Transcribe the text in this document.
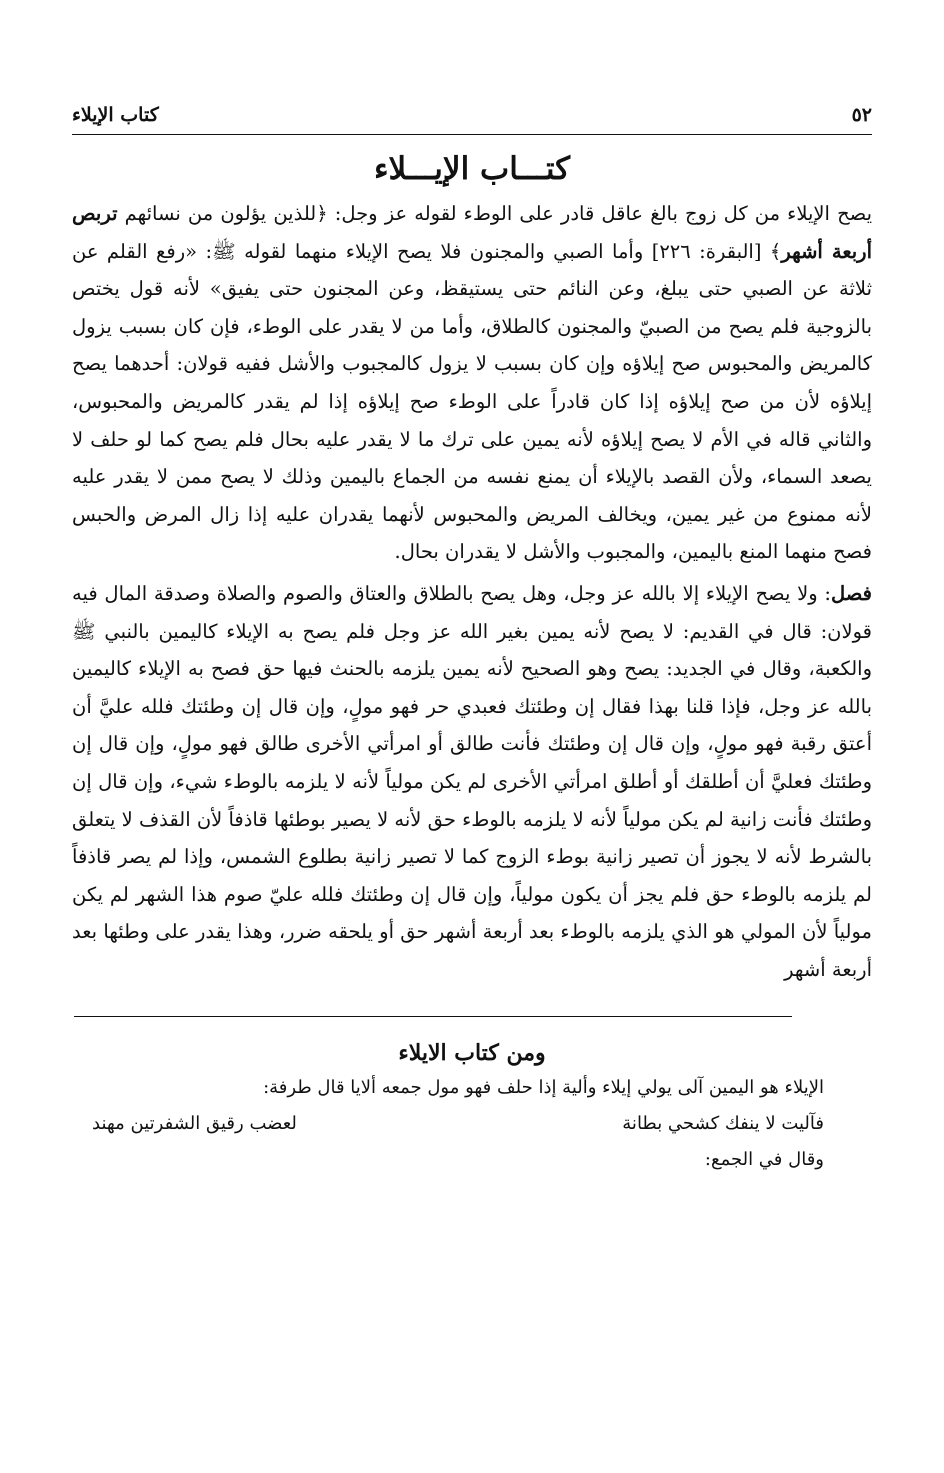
٥٢
كتاب الإيلاء
كتـــاب الإيـــلاء

يصح الإيلاء من كل زوج بالغ عاقل قادر على الوطء لقوله عز وجل: ﴿للذين يؤلون من نسائهم تربص أربعة أشهر﴾ [البقرة: ٢٢٦] وأما الصبي والمجنون فلا يصح الإيلاء منهما لقوله ﷺ: «رفع القلم عن ثلاثة عن الصبي حتى يبلغ، وعن النائم حتى يستيقظ، وعن المجنون حتى يفيق» لأنه قول يختص بالزوجية فلم يصح من الصبيّ والمجنون كالطلاق، وأما من لا يقدر على الوطء، فإن كان بسبب يزول كالمريض والمحبوس صح إيلاؤه وإن كان بسبب لا يزول كالمجبوب والأشل ففيه قولان: أحدهما يصح إيلاؤه لأن من صح إيلاؤه إذا كان قادراً على الوطء صح إيلاؤه إذا لم يقدر كالمريض والمحبوس، والثاني قاله في الأم لا يصح إيلاؤه لأنه يمين على ترك ما لا يقدر عليه بحال فلم يصح كما لو حلف لا يصعد السماء، ولأن القصد بالإيلاء أن يمنع نفسه من الجماع باليمين وذلك لا يصح ممن لا يقدر عليه لأنه ممنوع من غير يمين، ويخالف المريض والمحبوس لأنهما يقدران عليه إذا زال المرض والحبس فصح منهما المنع باليمين، والمجبوب والأشل لا يقدران بحال.

فصل: ولا يصح الإيلاء إلا بالله عز وجل، وهل يصح بالطلاق والعتاق والصوم والصلاة وصدقة المال فيه قولان: قال في القديم: لا يصح لأنه يمين بغير الله عز وجل فلم يصح به الإيلاء كاليمين بالنبي ﷺ والكعبة، وقال في الجديد: يصح وهو الصحيح لأنه يمين يلزمه بالحنث فيها حق فصح به الإيلاء كاليمين بالله عز وجل، فإذا قلنا بهذا فقال إن وطئتك فعبدي حر فهو مولٍ، وإن قال إن وطئتك فلله عليَّ أن أعتق رقبة فهو مولٍ، وإن قال إن وطئتك فأنت طالق أو امرأتي الأخرى طالق فهو مولٍ، وإن قال إن وطئتك فعليَّ أن أطلقك أو أطلق امرأتي الأخرى لم يكن مولياً لأنه لا يلزمه بالوطء شيء، وإن قال إن وطئتك فأنت زانية لم يكن مولياً لأنه لا يلزمه بالوطء حق لأنه لا يصير بوطئها قاذفاً لأن القذف لا يتعلق بالشرط لأنه لا يجوز أن تصير زانية بوطء الزوج كما لا تصير زانية بطلوع الشمس، وإذا لم يصر قاذفاً لم يلزمه بالوطء حق فلم يجز أن يكون مولياً، وإن قال إن وطئتك فلله عليّ صوم هذا الشهر لم يكن مولياً لأن المولي هو الذي يلزمه بالوطء بعد أربعة أشهر حق أو يلحقه ضرر، وهذا يقدر على وطئها بعد أربعة أشهر

ومن كتاب الايلاء
الإيلاء هو اليمين آلى يولي إيلاء وألية إذا حلف فهو مول جمعه ألايا قال طرفة:
فآليت لا ينفك كشحي بطانة
لعضب رقيق الشفرتين مهند
وقال في الجمع:
